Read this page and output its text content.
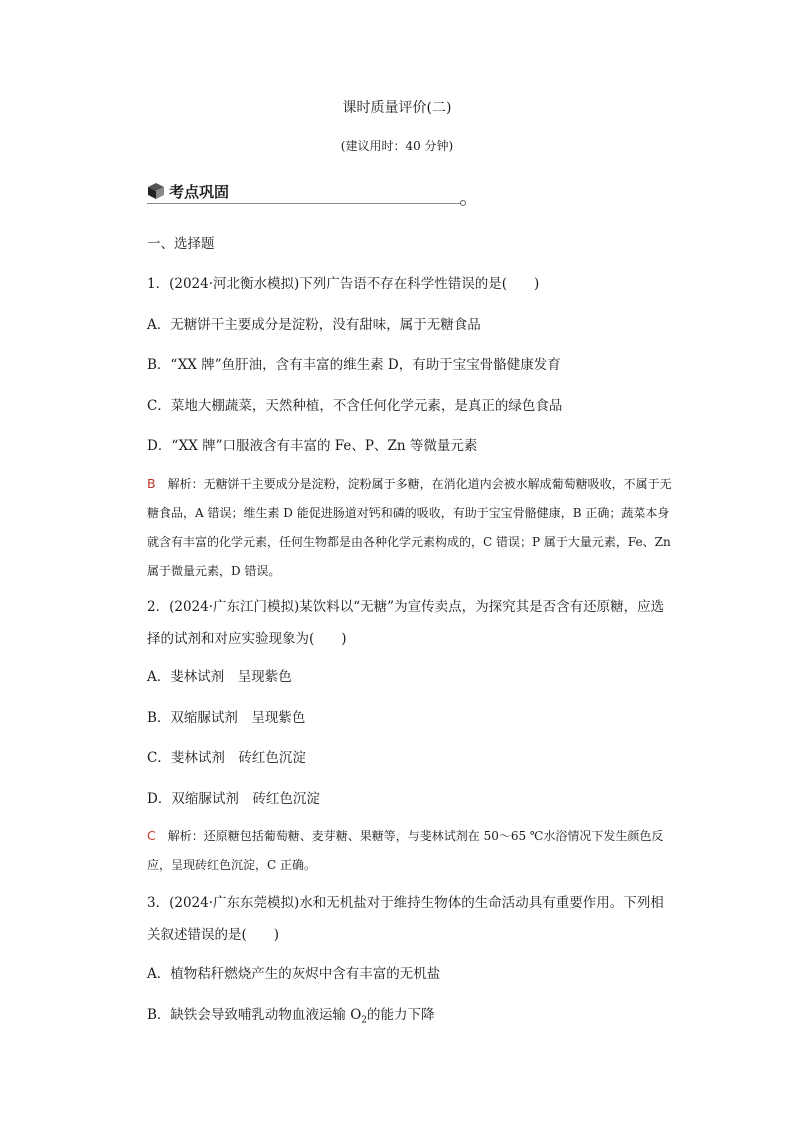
课时质量评价(二)
(建议用时：40 分钟)
考点巩固
一、选择题
1．(2024·河北衡水模拟)下列广告语不存在科学性错误的是(　　)
A．无糖饼干主要成分是淀粉，没有甜味，属于无糖食品
B．“XX 牌”鱼肝油，含有丰富的维生素 D，有助于宝宝骨骼健康发育
C．菜地大棚蔬菜，天然种植，不含任何化学元素，是真正的绿色食品
D．“XX 牌”口服液含有丰富的 Fe、P、Zn 等微量元素
B　 解析：无糖饼干主要成分是淀粉，淀粉属于多糖，在消化道内会被水解成葡萄糖吸收，不属于无糖食品，A 错误；维生素 D 能促进肠道对钙和磷的吸收，有助于宝宝骨骼健康，B 正确；蔬菜本身就含有丰富的化学元素，任何生物都是由各种化学元素构成的，C 错误；P 属于大量元素，Fe、Zn 属于微量元素，D 错误。
2．(2024·广东江门模拟)某饮料以“无糖”为宣传卖点，为探究其是否含有还原糖，应选择的试剂和对应实验现象为(　　)
A．斐林试剂　呈现紫色
B．双缩脲试剂　呈现紫色
C．斐林试剂　砖红色沉淀
D．双缩脲试剂　砖红色沉淀
C　 解析：还原糖包括葡萄糖、麦芽糖、果糖等，与斐林试剂在 50～65 ℃水浴情况下发生颜色反应，呈现砖红色沉淀，C 正确。
3．(2024·广东东莞模拟)水和无机盐对于维持生物体的生命活动具有重要作用。下列相关叙述错误的是(　　)
A．植物秸秆燃烧产生的灰烬中含有丰富的无机盐
B．缺铁会导致哺乳动物血液运输 $O_2$的能力下降
